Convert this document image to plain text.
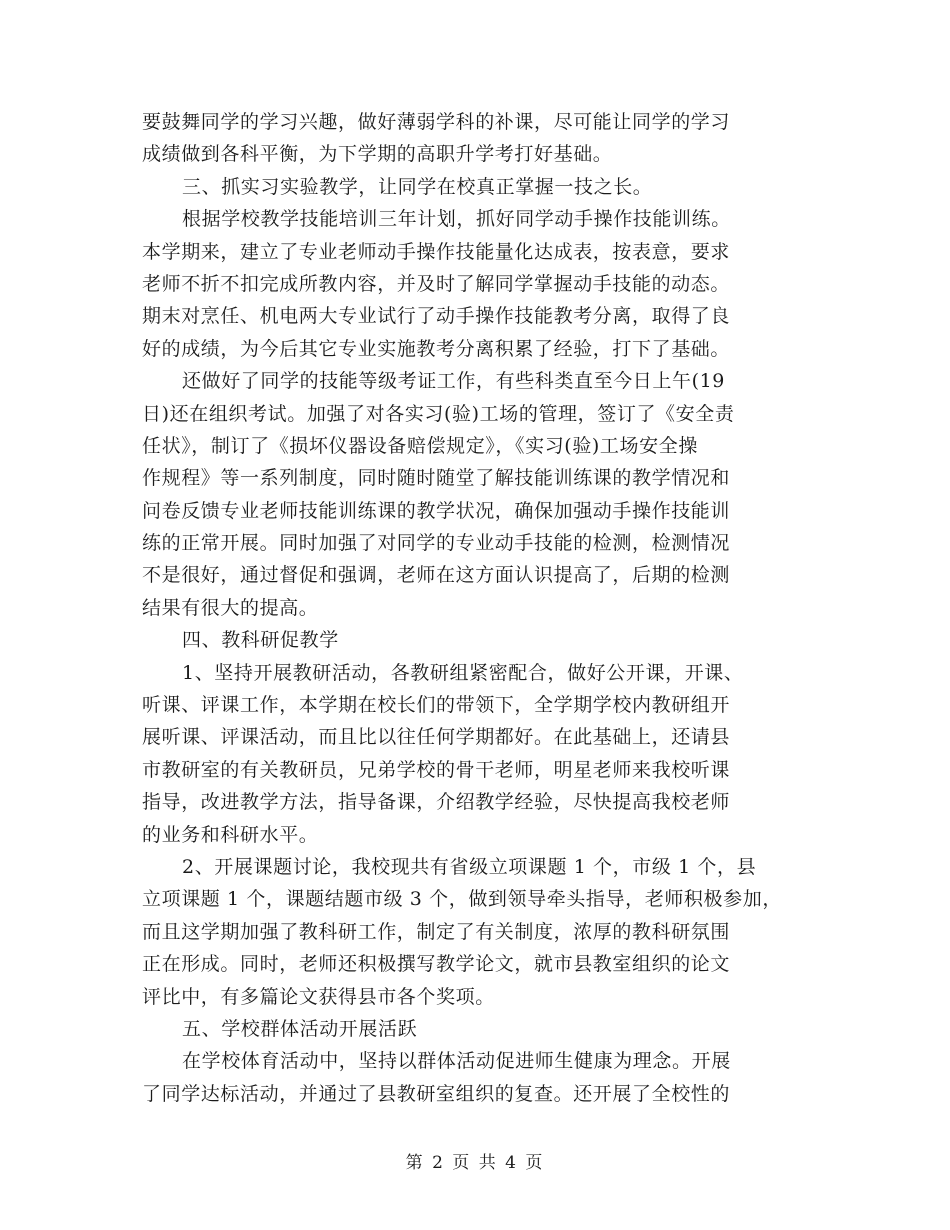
要鼓舞同学的学习兴趣，做好薄弱学科的补课，尽可能让同学的学习
成绩做到各科平衡，为下学期的高职升学考打好基础。
三、抓实习实验教学，让同学在校真正掌握一技之长。
根据学校教学技能培训三年计划，抓好同学动手操作技能训练。
本学期来，建立了专业老师动手操作技能量化达成表，按表意，要求
老师不折不扣完成所教内容，并及时了解同学掌握动手技能的动态。
期末对烹任、机电两大专业试行了动手操作技能教考分离，取得了良
好的成绩，为今后其它专业实施教考分离积累了经验，打下了基础。
还做好了同学的技能等级考证工作，有些科类直至今日上午(19
日)还在组织考试。加强了对各实习(验)工场的管理，签订了《安全责
任状》，制订了《损坏仪器设备赔偿规定》，《实习(验)工场安全操
作规程》等一系列制度，同时随时随堂了解技能训练课的教学情况和
问卷反馈专业老师技能训练课的教学状况，确保加强动手操作技能训
练的正常开展。同时加强了对同学的专业动手技能的检测，检测情况
不是很好，通过督促和强调，老师在这方面认识提高了，后期的检测
结果有很大的提高。
四、教科研促教学
1、坚持开展教研活动，各教研组紧密配合，做好公开课，开课、
听课、评课工作，本学期在校长们的带领下，全学期学校内教研组开
展听课、评课活动，而且比以往任何学期都好。在此基础上，还请县
市教研室的有关教研员，兄弟学校的骨干老师，明星老师来我校听课
指导，改进教学方法，指导备课，介绍教学经验，尽快提高我校老师
的业务和科研水平。
2、开展课题讨论，我校现共有省级立项课题 1 个，市级 1 个，县
立项课题 1 个，课题结题市级 3 个，做到领导牵头指导，老师积极参加，
而且这学期加强了教科研工作，制定了有关制度，浓厚的教科研氛围
正在形成。同时，老师还积极撰写教学论文，就市县教室组织的论文
评比中，有多篇论文获得县市各个奖项。
五、学校群体活动开展活跃
在学校体育活动中，坚持以群体活动促进师生健康为理念。开展
了同学达标活动，并通过了县教研室组织的复查。还开展了全校性的
第 2 页 共 4 页
